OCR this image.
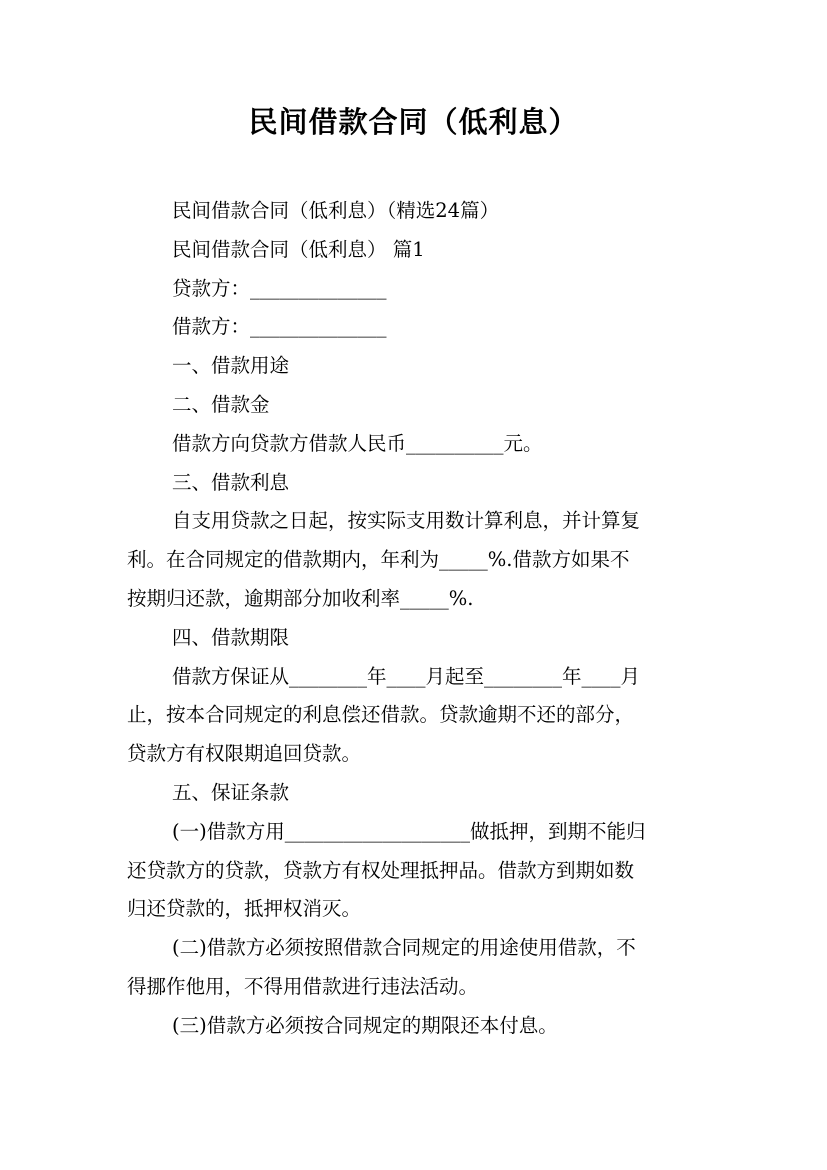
民间借款合同（低利息）
民间借款合同（低利息）（精选24篇）
民间借款合同（低利息） 篇1
贷款方：______________
借款方：______________
一、借款用途
二、借款金
借款方向贷款方借款人民币__________元。
三、借款利息
自支用贷款之日起，按实际支用数计算利息，并计算复
利。在合同规定的借款期内，年利为_____%.借款方如果不
按期归还款，逾期部分加收利率_____%.
四、借款期限
借款方保证从________年____月起至________年____月
止，按本合同规定的利息偿还借款。贷款逾期不还的部分，
贷款方有权限期追回贷款。
五、保证条款
(一)借款方用___________________做抵押，到期不能归
还贷款方的贷款，贷款方有权处理抵押品。借款方到期如数
归还贷款的，抵押权消灭。
(二)借款方必须按照借款合同规定的用途使用借款，不
得挪作他用，不得用借款进行违法活动。
(三)借款方必须按合同规定的期限还本付息。
